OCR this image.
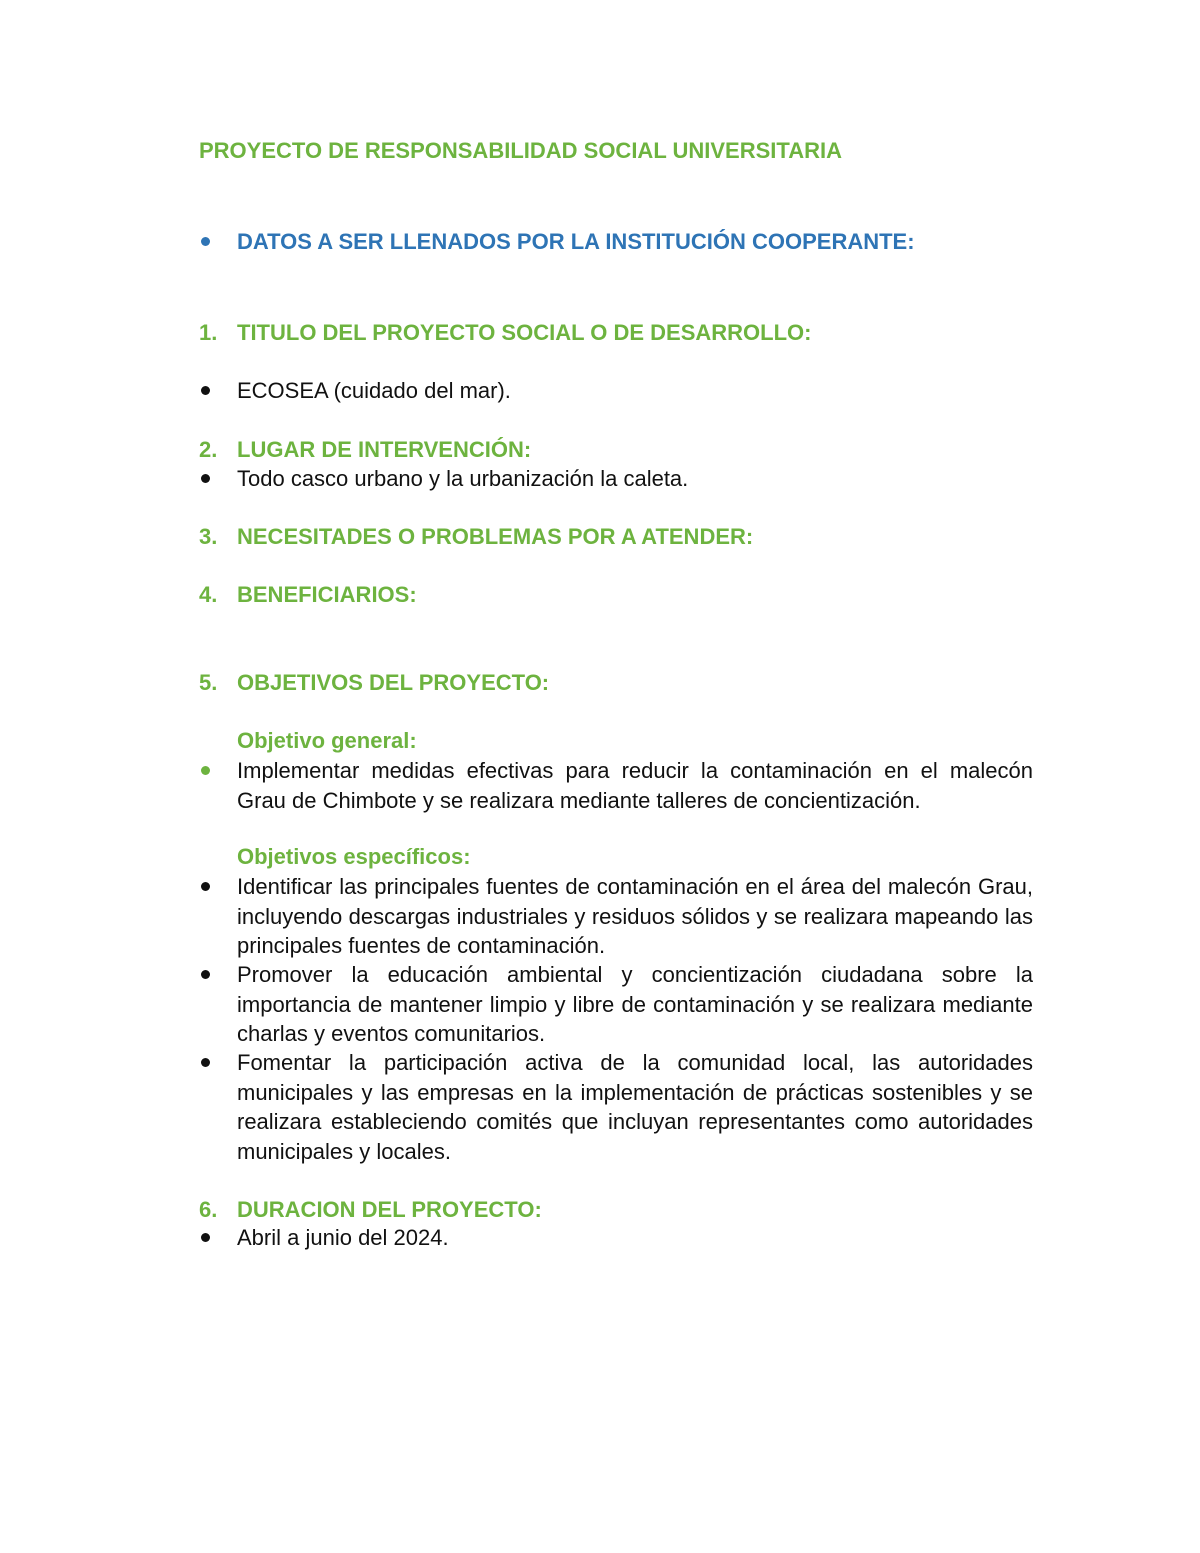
PROYECTO DE RESPONSABILIDAD SOCIAL UNIVERSITARIA
DATOS A SER LLENADOS POR LA INSTITUCIÓN COOPERANTE:
1. TITULO DEL PROYECTO SOCIAL O DE DESARROLLO:
ECOSEA (cuidado del mar).
2. LUGAR DE INTERVENCIÓN:
Todo casco urbano y la urbanización la caleta.
3. NECESITADES O PROBLEMAS POR A ATENDER:
4. BENEFICIARIOS:
5. OBJETIVOS DEL PROYECTO:
Objetivo general:
Implementar medidas efectivas para reducir la contaminación en el malecón Grau de Chimbote y se realizara mediante talleres de concientización.
Objetivos específicos:
Identificar las principales fuentes de contaminación en el área del malecón Grau, incluyendo descargas industriales y residuos sólidos y se realizara mapeando las principales fuentes de contaminación.
Promover la educación ambiental y concientización ciudadana sobre la importancia de mantener limpio y libre de contaminación y se realizara mediante charlas y eventos comunitarios.
Fomentar la participación activa de la comunidad local, las autoridades municipales y las empresas en la implementación de prácticas sostenibles y se realizara estableciendo comités que incluyan representantes como autoridades municipales y locales.
6. DURACION DEL PROYECTO:
Abril a junio del 2024.
